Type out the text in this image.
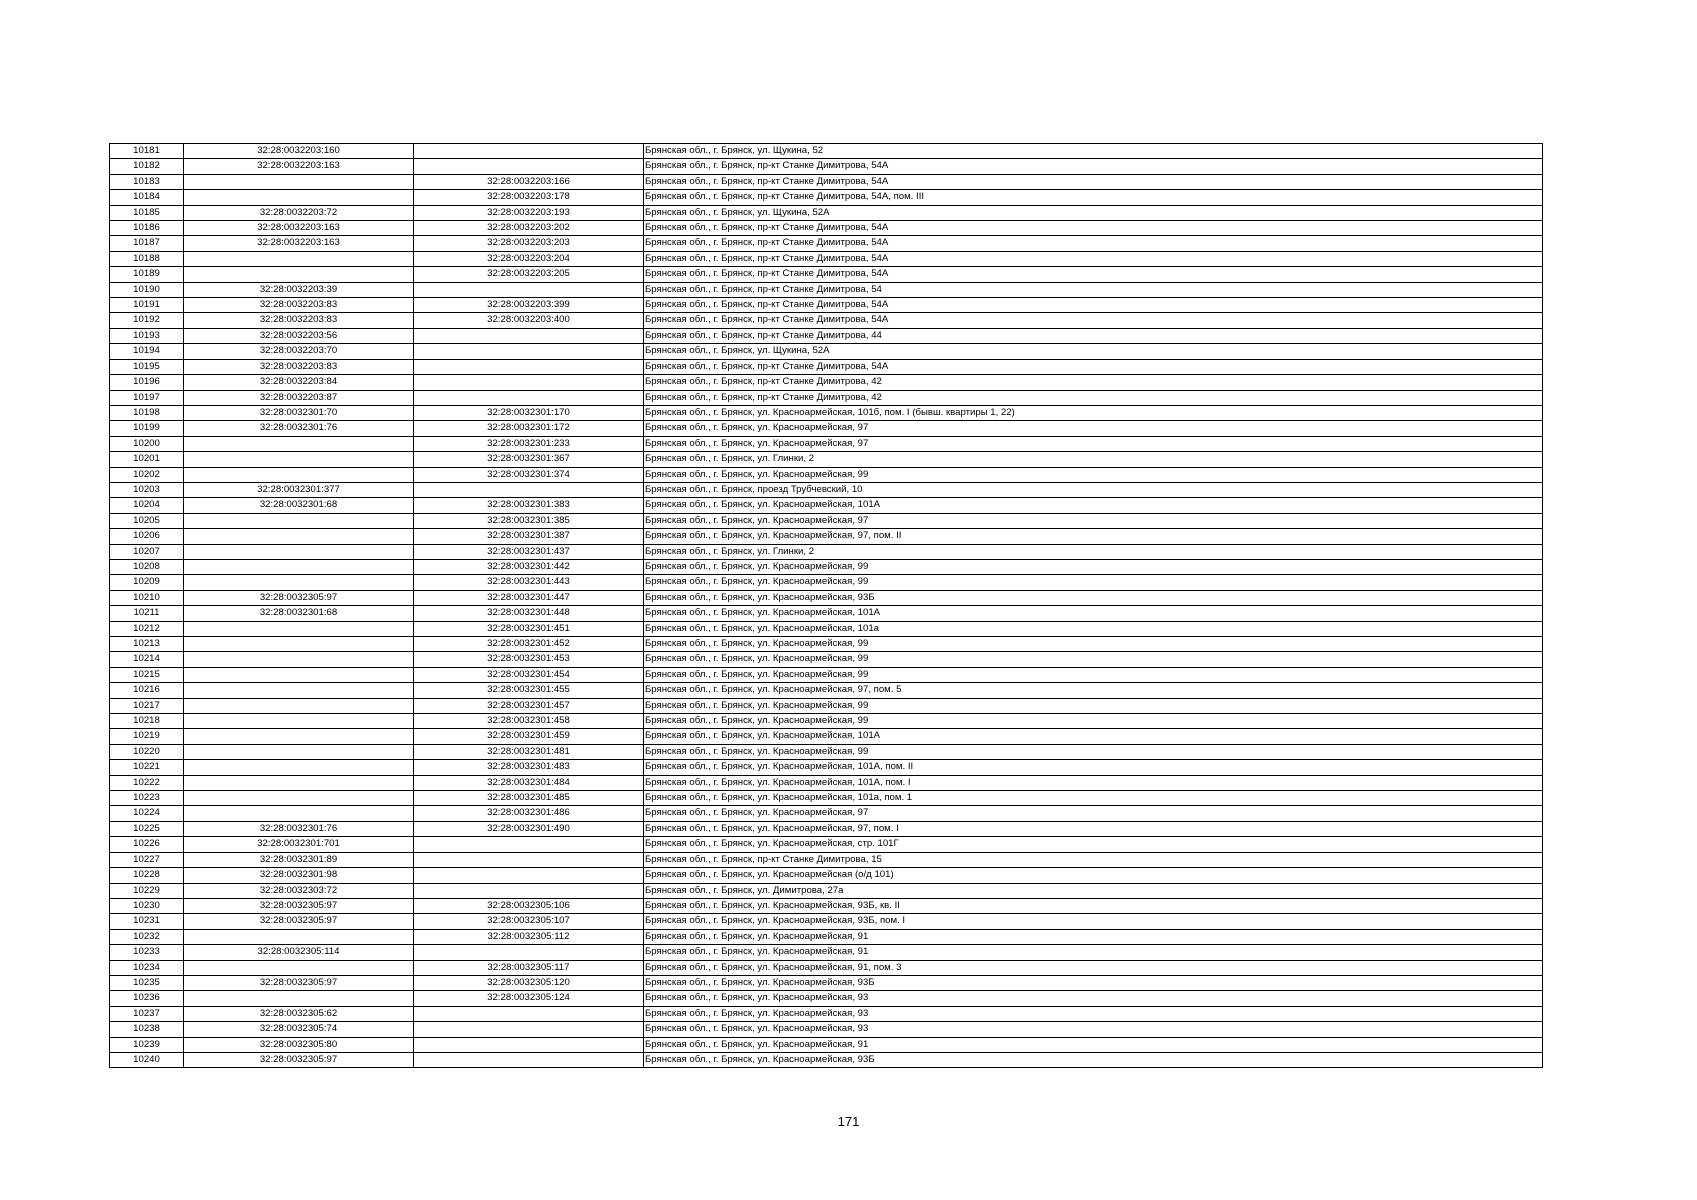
10181	32:28:0032203:160		Брянская обл., г. Брянск, ул. Щукина, 52
10182	32:28:0032203:163		Брянская обл., г. Брянск, пр-кт Станке Димитрова, 54А
10183		32:28:0032203:166	Брянская обл., г. Брянск, пр-кт Станке Димитрова, 54А
10184		32:28:0032203:178	Брянская обл., г. Брянск, пр-кт Станке Димитрова, 54А, пом. III
10185	32:28:0032203:72	32:28:0032203:193	Брянская обл., г. Брянск, ул. Щукина, 52А
10186	32:28:0032203:163	32:28:0032203:202	Брянская обл., г. Брянск, пр-кт Станке Димитрова, 54А
10187	32:28:0032203:163	32:28:0032203:203	Брянская обл., г. Брянск, пр-кт Станке Димитрова, 54А
10188		32:28:0032203:204	Брянская обл., г. Брянск, пр-кт Станке Димитрова, 54А
10189		32:28:0032203:205	Брянская обл., г. Брянск, пр-кт Станке Димитрова, 54А
10190	32:28:0032203:39		Брянская обл., г. Брянск, пр-кт Станке Димитрова, 54
10191	32:28:0032203:83	32:28:0032203:399	Брянская обл., г. Брянск, пр-кт Станке Димитрова, 54А
10192	32:28:0032203:83	32:28:0032203:400	Брянская обл., г. Брянск, пр-кт Станке Димитрова, 54А
10193	32:28:0032203:56		Брянская обл., г. Брянск, пр-кт Станке Димитрова, 44
10194	32:28:0032203:70		Брянская обл., г. Брянск, ул. Щукина, 52А
10195	32:28:0032203:83		Брянская обл., г. Брянск, пр-кт Станке Димитрова, 54А
10196	32:28:0032203:84		Брянская обл., г. Брянск, пр-кт Станке Димитрова, 42
10197	32:28:0032203:87		Брянская обл., г. Брянск, пр-кт Станке Димитрова, 42
10198	32:28:0032301:70	32:28:0032301:170	Брянская обл., г. Брянск, ул. Красноармейская, 101б, пом. I (бывш. квартиры 1, 22)
10199	32:28:0032301:76	32:28:0032301:172	Брянская обл., г. Брянск, ул. Красноармейская, 97
10200		32:28:0032301:233	Брянская обл., г. Брянск, ул. Красноармейская, 97
10201		32:28:0032301:367	Брянская обл., г. Брянск, ул. Глинки, 2
10202		32:28:0032301:374	Брянская обл., г. Брянск, ул. Красноармейская, 99
10203	32:28:0032301:377		Брянская обл., г. Брянск, проезд Трубчевский, 10
10204	32:28:0032301:68	32:28:0032301:383	Брянская обл., г. Брянск, ул. Красноармейская, 101А
10205		32:28:0032301:385	Брянская обл., г. Брянск, ул. Красноармейская, 97
10206		32:28:0032301:387	Брянская обл., г. Брянск, ул. Красноармейская, 97, пом. II
10207		32:28:0032301:437	Брянская обл., г. Брянск, ул. Глинки, 2
10208		32:28:0032301:442	Брянская обл., г. Брянск, ул. Красноармейская, 99
10209		32:28:0032301:443	Брянская обл., г. Брянск, ул. Красноармейская, 99
10210	32:28:0032305:97	32:28:0032301:447	Брянская обл., г. Брянск, ул. Красноармейская, 93Б
10211	32:28:0032301:68	32:28:0032301:448	Брянская обл., г. Брянск, ул. Красноармейская, 101А
10212		32:28:0032301:451	Брянская обл., г. Брянск, ул. Красноармейская, 101а
10213		32:28:0032301:452	Брянская обл., г. Брянск, ул. Красноармейская, 99
10214		32:28:0032301:453	Брянская обл., г. Брянск, ул. Красноармейская, 99
10215		32:28:0032301:454	Брянская обл., г. Брянск, ул. Красноармейская, 99
10216		32:28:0032301:455	Брянская обл., г. Брянск, ул. Красноармейская, 97, пом. 5
10217		32:28:0032301:457	Брянская обл., г. Брянск, ул. Красноармейская, 99
10218		32:28:0032301:458	Брянская обл., г. Брянск, ул. Красноармейская, 99
10219		32:28:0032301:459	Брянская обл., г. Брянск, ул. Красноармейская, 101А
10220		32:28:0032301:481	Брянская обл., г. Брянск, ул. Красноармейская, 99
10221		32:28:0032301:483	Брянская обл., г. Брянск, ул. Красноармейская, 101А, пом. II
10222		32:28:0032301:484	Брянская обл., г. Брянск, ул. Красноармейская, 101А, пом. I
10223		32:28:0032301:485	Брянская обл., г. Брянск, ул. Красноармейская, 101а, пом. 1
10224		32:28:0032301:486	Брянская обл., г. Брянск, ул. Красноармейская, 97
10225	32:28:0032301:76	32:28:0032301:490	Брянская обл., г. Брянск, ул. Красноармейская, 97, пом. I
10226	32:28:0032301:701		Брянская обл., г. Брянск, ул. Красноармейская, стр. 101Г
10227	32:28:0032301:89		Брянская обл., г. Брянск, пр-кт Станке Димитрова, 15
10228	32:28:0032301:98		Брянская обл., г. Брянск, ул. Красноармейская (о/д 101)
10229	32:28:0032303:72		Брянская обл., г. Брянск, ул. Димитрова, 27а
10230	32:28:0032305:97	32:28:0032305:106	Брянская обл., г. Брянск, ул. Красноармейская, 93Б, кв. II
10231	32:28:0032305:97	32:28:0032305:107	Брянская обл., г. Брянск, ул. Красноармейская, 93Б, пом. I
10232		32:28:0032305:112	Брянская обл., г. Брянск, ул. Красноармейская, 91
10233	32:28:0032305:114		Брянская обл., г. Брянск, ул. Красноармейская, 91
10234		32:28:0032305:117	Брянская обл., г. Брянск, ул. Красноармейская, 91, пом. 3
10235	32:28:0032305:97	32:28:0032305:120	Брянская обл., г. Брянск, ул. Красноармейская, 93Б
10236		32:28:0032305:124	Брянская обл., г. Брянск, ул. Красноармейская, 93
10237	32:28:0032305:62		Брянская обл., г. Брянск, ул. Красноармейская, 93
10238	32:28:0032305:74		Брянская обл., г. Брянск, ул. Красноармейская, 93
10239	32:28:0032305:80		Брянская обл., г. Брянск, ул. Красноармейская, 91
10240	32:28:0032305:97		Брянская обл., г. Брянск, ул. Красноармейская, 93Б
171
